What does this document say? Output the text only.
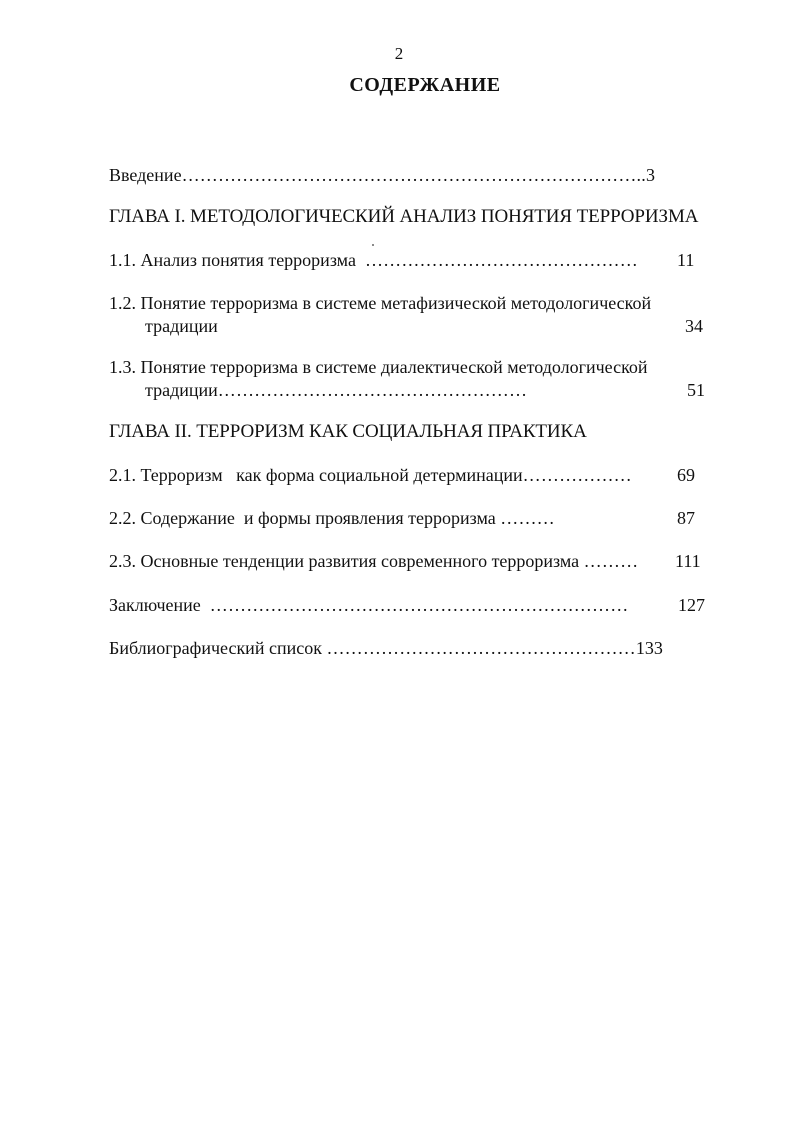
2
СОДЕРЖАНИЕ
Введение…………………………………………………………………..3
ГЛАВА I. МЕТОДОЛОГИЧЕСКИЙ АНАЛИЗ ПОНЯТИЯ ТЕРРОРИЗМА
1.1. Анализ понятия терроризма ……………………………………… 11
1.2. Понятие терроризма в системе метафизической методологической
традиции	34
1.3. Понятие терроризма в системе диалектической методологической
традиции……………………………………………	51
ГЛАВА II. ТЕРРОРИЗМ КАК СОЦИАЛЬНАЯ ПРАКТИКА
2.1. Терроризм   как форма социальной детерминации………………	69
2.2. Содержание  и формы проявления терроризма ………	87
2.3. Основные тенденции развития современного терроризма ……… 111
Заключение ……………………………………………………………	127
Библиографический список ……………………………………………133
